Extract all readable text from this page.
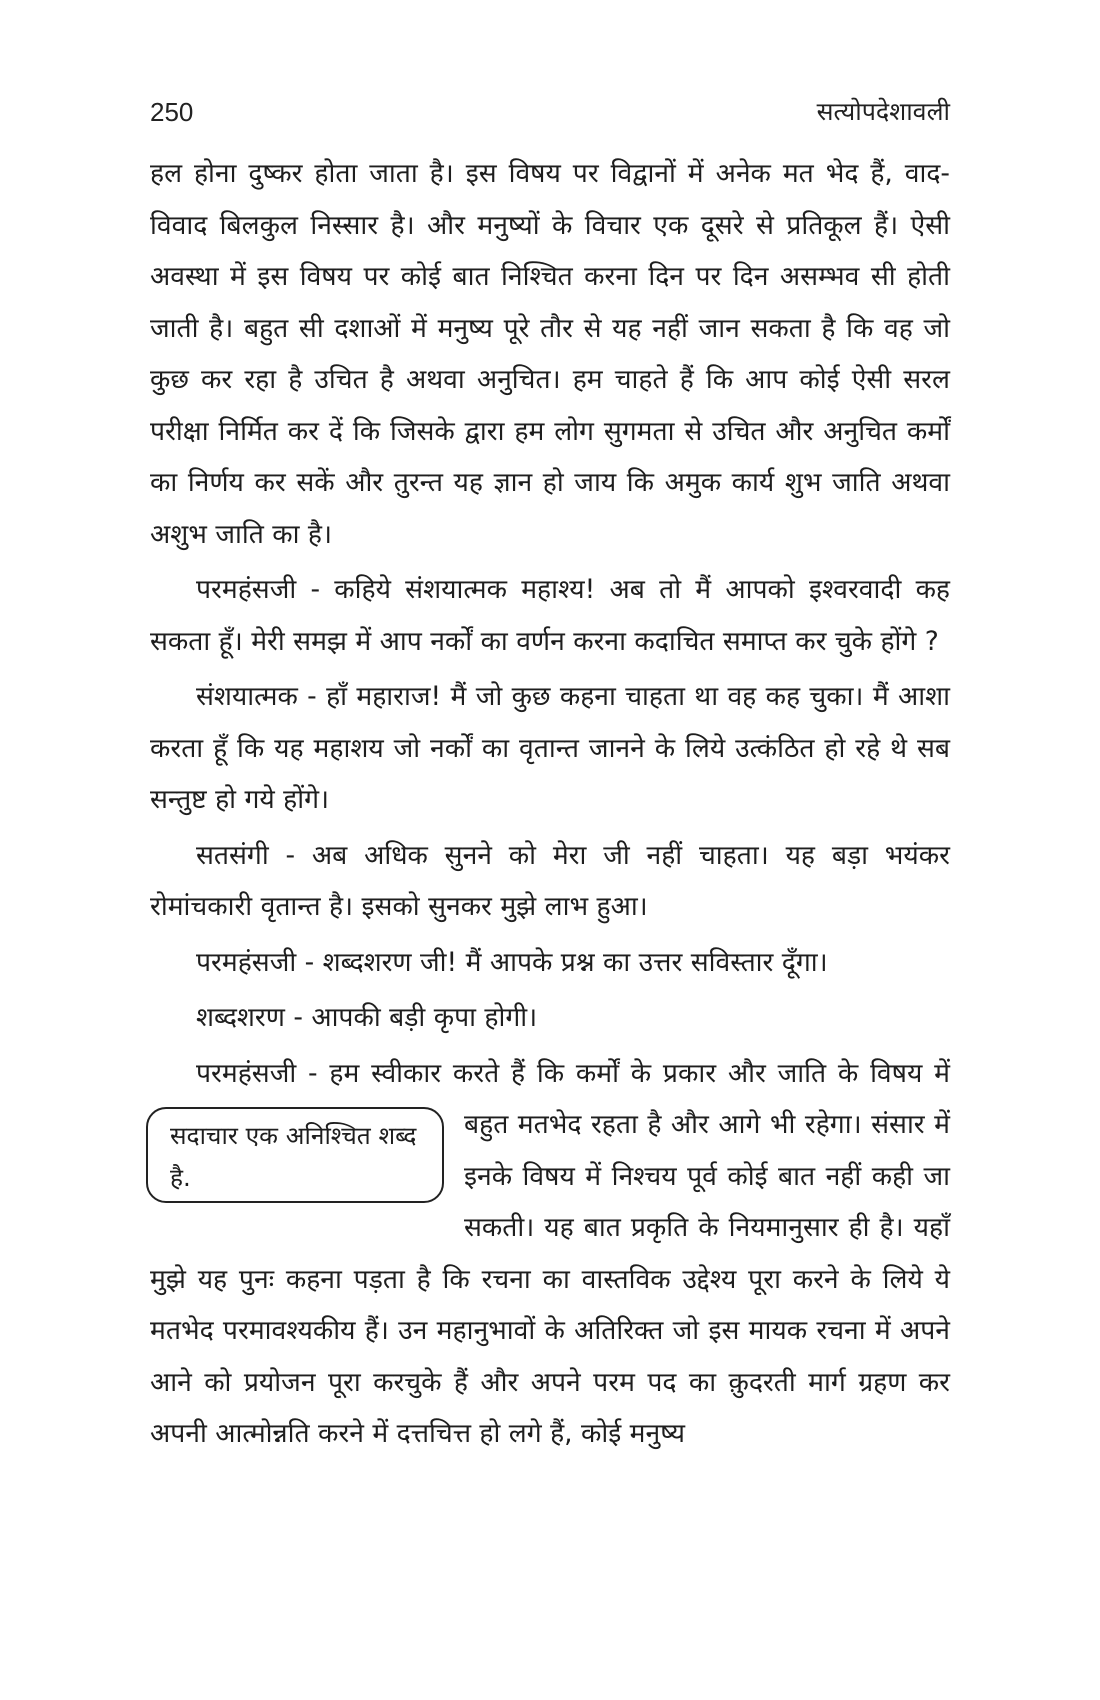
250	सत्योपदेशावली

हल होना दुष्कर होता जाता है। इस विषय पर विद्वानों में अनेक मत भेद हैं, वाद-विवाद बिलकुल निस्सार है। और मनुष्यों के विचार एक दूसरे से प्रतिकूल हैं। ऐसी अवस्था में इस विषय पर कोई बात निश्चित करना दिन पर दिन असम्भव सी होती जाती है। बहुत सी दशाओं में मनुष्य पूरे तौर से यह नहीं जान सकता है कि वह जो कुछ कर रहा है उचित है अथवा अनुचित। हम चाहते हैं कि आप कोई ऐसी सरल परीक्षा निर्मित कर दें कि जिसके द्वारा हम लोग सुगमता से उचित और अनुचित कर्मों का निर्णय कर सकें और तुरन्त यह ज्ञान हो जाय कि अमुक कार्य शुभ जाति अथवा अशुभ जाति का है।

परमहंसजी - कहिये संशयात्मक महाश्य! अब तो मैं आपको इश्वरवादी कह सकता हूँ। मेरी समझ में आप नर्कों का वर्णन करना कदाचित समाप्त कर चुके होंगे ?

संशयात्मक - हाँ महाराज! मैं जो कुछ कहना चाहता था वह कह चुका। मैं आशा करता हूँ कि यह महाशय जो नर्कों का वृतान्त जानने के लिये उत्कंठित हो रहे थे सब सन्तुष्ट हो गये होंगे।

सतसंगी - अब अधिक सुनने को मेरा जी नहीं चाहता। यह बड़ा भयंकर रोमांचकारी वृतान्त है। इसको सुनकर मुझे लाभ हुआ।

परमहंसजी - शब्दशरण जी! मैं आपके प्रश्न का उत्तर सविस्तार दूँगा।

शब्दशरण - आपकी बड़ी कृपा होगी।

परमहंसजी - हम स्वीकार करते हैं कि कर्मों के प्रकार और जाति के
सदाचार एक अनिश्चित शब्द है.
विषय में बहुत मतभेद रहता है और आगे भी रहेगा। संसार में इनके विषय में निश्चय पूर्व कोई बात नहीं कही जा सकती। यह बात प्रकृति के नियमानुसार ही है। यहाँ मुझे यह पुनः कहना पड़ता है कि रचना का वास्तविक उद्देश्य पूरा करने के लिये ये मतभेद परमावश्यकीय हैं। उन महानुभावों के अतिरिक्त जो इस मायक रचना में अपने आने को प्रयोजन पूरा करचुके हैं और अपने परम पद का क़ुदरती मार्ग ग्रहण कर अपनी आत्मोन्नति करने में दत्तचित्त हो लगे हैं, कोई मनुष्य
